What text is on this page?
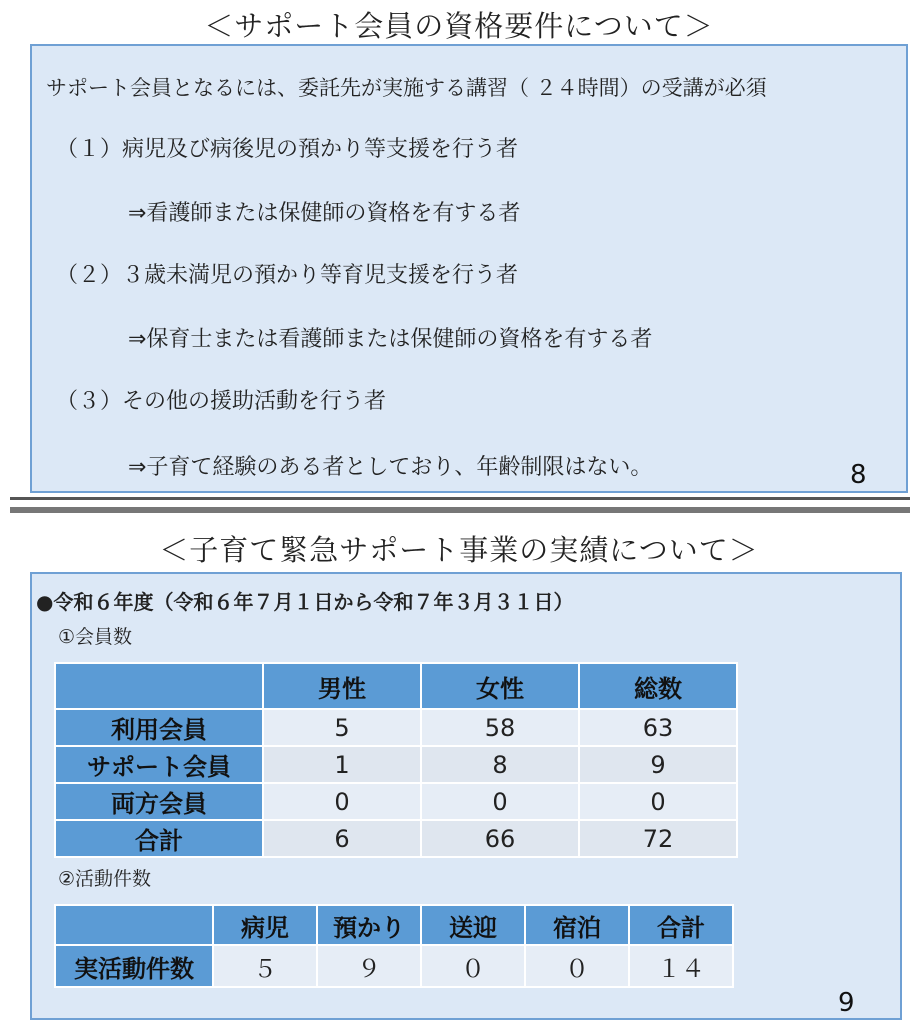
＜サポート会員の資格要件について＞
サポート会員となるには、委託先が実施する講習（ ２４時間）の受講が必須
（１）病児及び病後児の預かり等支援を行う者
⇒看護師または保健師の資格を有する者
（２）３歳未満児の預かり等育児支援を行う者
⇒保育士または看護師または保健師の資格を有する者
（３）その他の援助活動を行う者
⇒子育て経験のある者としており、年齢制限はない。	8
＜子育て緊急サポート事業の実績について＞
●令和６年度（令和６年７月１日から令和７年３月３１日）
①会員数
	男性	女性	総数
利用会員	5	58	63
サポート会員	1	8	9
両方会員	0	0	0
合計	6	66	72
②活動件数
	病児	預かり	送迎	宿泊	合計
実活動件数	５	９	０	０	１４
9
